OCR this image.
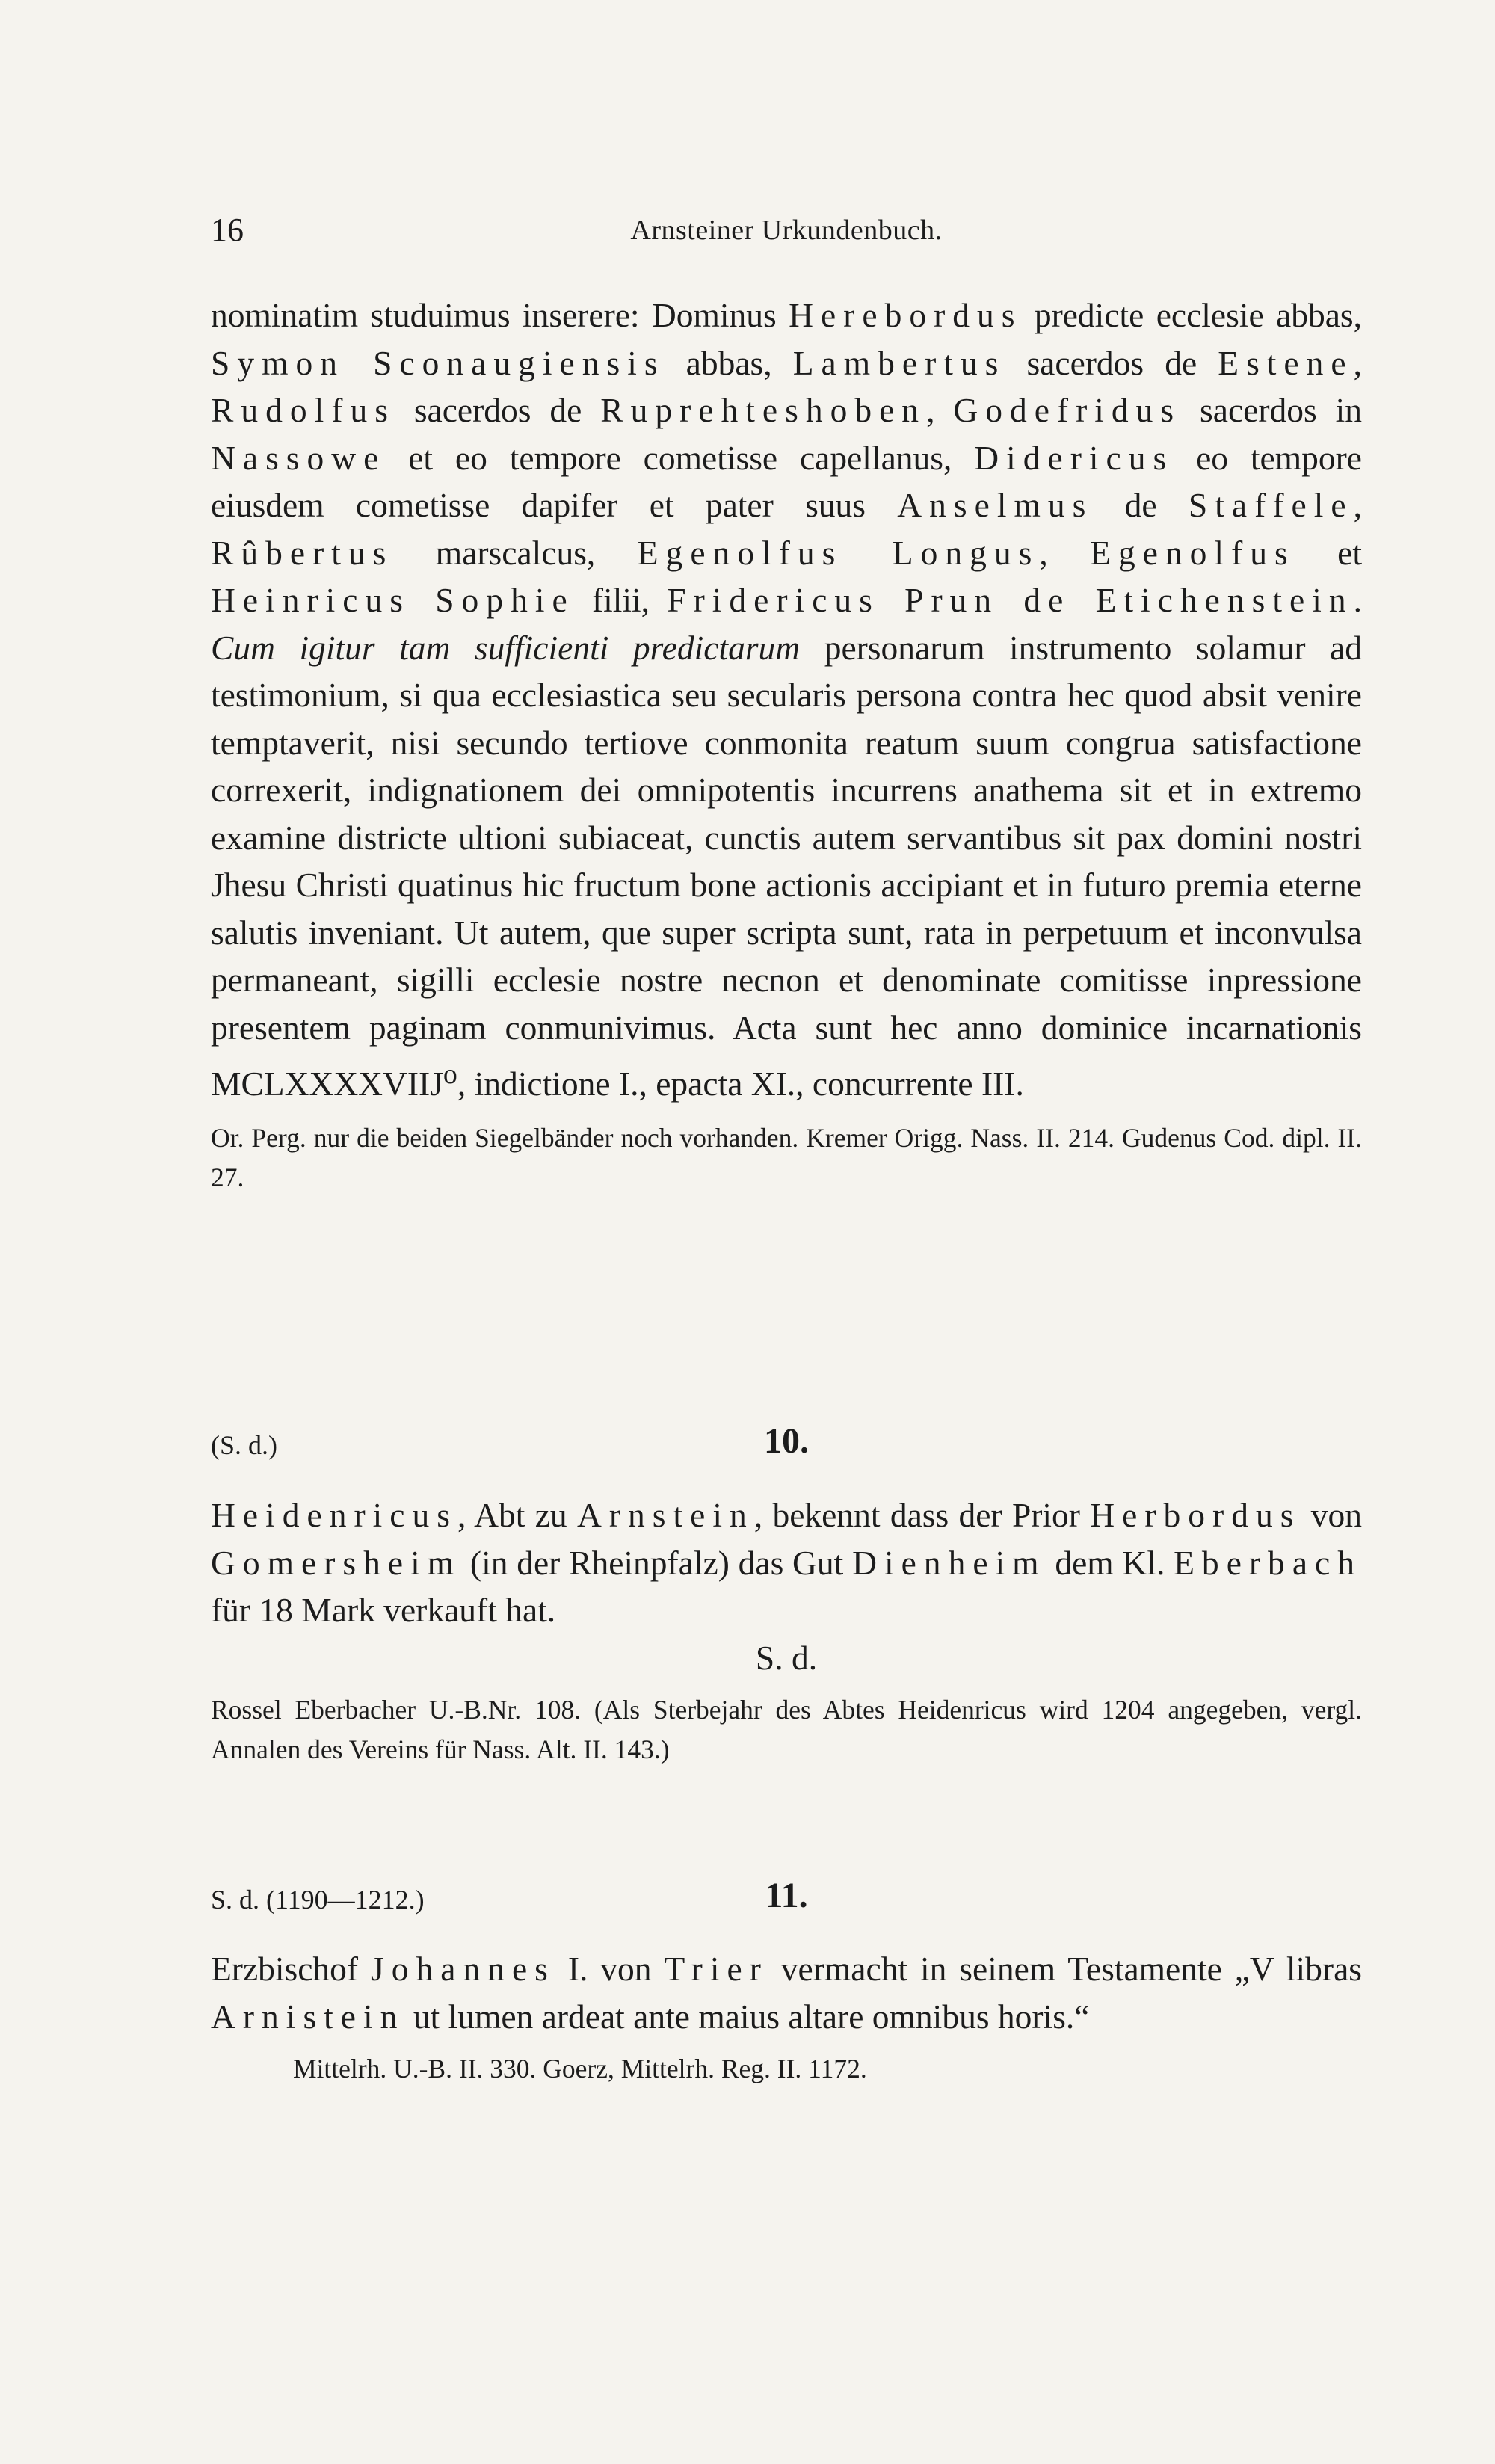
16	Arnsteiner Urkundenbuch.

nominatim studuimus inserere: Dominus Herebordus predicte ecclesie abbas, Symon Sconaugiensis abbas, Lambertus sacerdos de Estene, Rudolfus sacerdos de Ruprehteshoben, Godefridus sacerdos in Nassowe et eo tempore cometisse capellanus, Didericus eo tempore eiusdem cometisse dapifer et pater suus Anselmus de Staffele, Rûbertus marscalcus, Egenolfus Longus, Egenolfus et Heinricus Sophie filii, Fridericus Prun de Etichenstein. Cum igitur tam sufficienti predictarum personarum instrumento solamur ad testimonium, si qua ecclesiastica seu secularis persona contra hec quod absit venire temptaverit, nisi secundo tertiove conmonita reatum suum congrua satisfactione correxerit, indignationem dei omnipotentis incurrens anathema sit et in extremo examine districte ultioni subiaceat, cunctis autem servantibus sit pax domini nostri Jhesu Christi quatinus hic fructum bone actionis accipiant et in futuro premia eterne salutis inveniant. Ut autem, que super scripta sunt, rata in perpetuum et inconvulsa permaneant, sigilli ecclesie nostre necnon et denominate comitisse inpressione presentem paginam conmunivimus. Acta sunt hec anno dominice incarnationis MCLXXXXVIIJ$^o$, indictione I., epacta XI., concurrente III.

Or. Perg. nur die beiden Siegelbänder noch vorhanden. Kremer Origg. Nass. II. 214. Gudenus Cod. dipl. II. 27.

(S. d.)	10.

Heidenricus, Abt zu Arnstein, bekennt dass der Prior Herbordus von Gomersheim (in der Rheinpfalz) das Gut Dienheim dem Kl. Eberbach für 18 Mark verkauft hat.

S. d.

Rossel Eberbacher U.-B.Nr. 108. (Als Sterbejahr des Abtes Heidenricus wird 1204 angegeben, vergl. Annalen des Vereins für Nass. Alt. II. 143.)

S. d. (1190—1212.)	11.

Erzbischof Johannes I. von Trier vermacht in seinem Testamente „V libras Arnistein ut lumen ardeat ante maius altare omnibus horis.“

Mittelrh. U.-B. II. 330. Goerz, Mittelrh. Reg. II. 1172.
